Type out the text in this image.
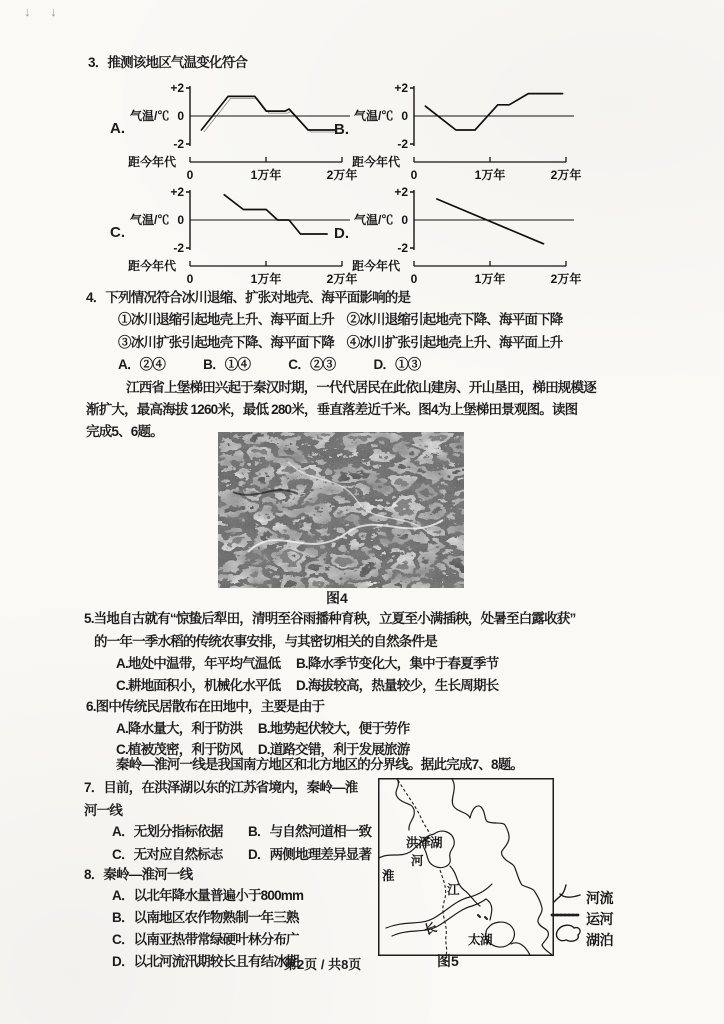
↓ ↓
3．推测该地区气温变化符合
+2
0
-2
气温/℃
距今年代
0	1万年	2万年
+2
0
-2
气温/℃
距今年代
0	1万年	2万年
+2
0
-2
气温/℃
距今年代
0	1万年	2万年
+2
0
-2
气温/℃
距今年代
0	1万年	2万年
A.	B.
C.	D.
4．下列情况符合冰川退缩、扩张对地壳、海平面影响的是
①冰川退缩引起地壳上升、海平面上升　②冰川退缩引起地壳下降、海平面下降
③冰川扩张引起地壳下降、海平面下降　④冰川扩张引起地壳上升、海平面上升
A．②④　　　B．①④　　　C．②③　　　D．①③
江西省上堡梯田兴起于秦汉时期，一代代居民在此依山建房、开山垦田，梯田规模逐
渐扩大，最高海拔 1260米，最低 280米，垂直落差近千米。图4为上堡梯田景观图。读图
完成5、6题。
图4
5.当地自古就有“惊蛰后犁田，清明至谷雨播种育秧，立夏至小满插秧，处暑至白露收获”
的一年一季水稻的传统农事安排，与其密切相关的自然条件是
A.地处中温带，年平均气温低　 B.降水季节变化大，集中于春夏季节
C.耕地面积小，机械化水平低　 D.海拔较高，热量较少，生长周期长
6.图中传统民居散布在田地中，主要是由于
A.降水量大，利于防洪 　B.地势起伏较大，便于劳作
C.植被茂密，利于防风 　D.道路交错，利于发展旅游
秦岭—淮河一线是我国南方地区和北方地区的分界线。据此完成7、8题。
7．目前，在洪泽湖以东的江苏省境内，秦岭—淮
河一线
A．无划分指标依据　　B．与自然河道相一致
C．无对应自然标志　　D．两侧地理差异显著
8．秦岭—淮河一线
A．以北年降水量普遍小于800mm
B．以南地区农作物熟制一年三熟
C．以南亚热带常绿硬叶林分布广
D．以北河流汛期较长且有结冰期
洪泽湖
河
淮
江
长
太湖
河流
运河
湖泊
图5
第2页 / 共8页
